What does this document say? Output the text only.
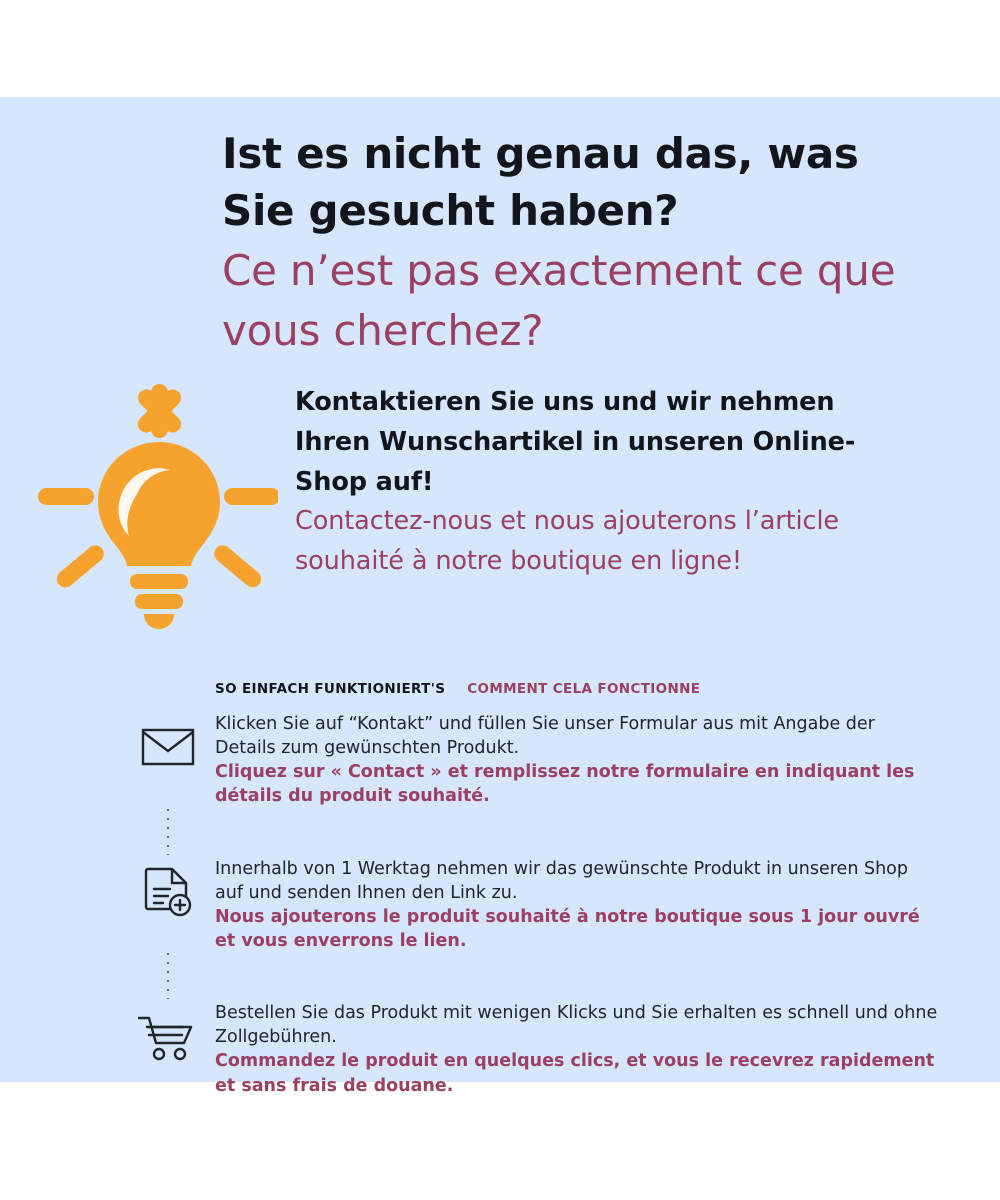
Ist es nicht genau das, was Sie gesucht haben?

Ce n’est pas exactement ce que vous cherchez?

Kontaktieren Sie uns und wir nehmen Ihren Wunschartikel in unseren Online-Shop auf!

Contactez-nous et nous ajouterons l’article souhaité à notre boutique en ligne!

SO EINFACH FUNKTIONIERT'S COMMENT CELA FONCTIONNE

Klicken Sie auf “Kontakt” und füllen Sie unser Formular aus mit Angabe der Details zum gewünschten Produkt.

Cliquez sur « Contact » et remplissez notre formulaire en indiquant les détails du produit souhaité.

Innerhalb von 1 Werktag nehmen wir das gewünschte Produkt in unseren Shop auf und senden Ihnen den Link zu.

Nous ajouterons le produit souhaité à notre boutique sous 1 jour ouvré et vous enverrons le lien.

Bestellen Sie das Produkt mit wenigen Klicks und Sie erhalten es schnell und ohne Zollgebühren.

Commandez le produit en quelques clics, et vous le recevrez rapidement et sans frais de douane.
